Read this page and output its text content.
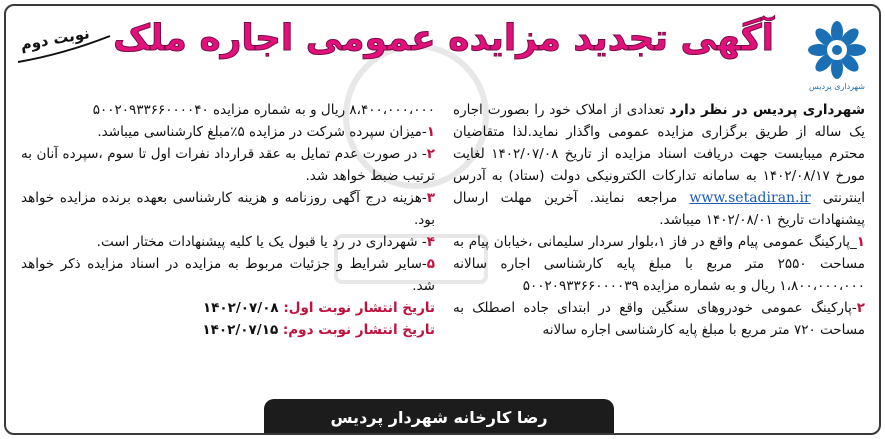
شهرداری پردیس
آگهی تجدید مزایده عمومی اجاره ملک
نوبت دوم
شهرداری پردیس در نظر دارد تعدادی از املاک خود را بصورت اجاره یک ساله از طریق برگزاری مزایده عمومی واگذار نماید.لذا متقاضیان محترم میبایست جهت دریافت اسناد مزایده از تاریخ ۱۴۰۲/۰۷/۰۸ لغایت مورخ ۱۴۰۲/۰۸/۱۷ به سامانه تدارکات الکترونیکی دولت (ستاد) به آدرس اینترنتی www.setadiran.ir مراجعه نمایند. آخرین مهلت ارسال پیشنهادات تاریخ ۱۴۰۲/۰۸/۰۱ میباشد.
۱_پارکینگ عمومی پیام واقع در فاز ۱،بلوار سردار سلیمانی ،خیابان پیام به مساحت ۲۵۵۰ متر مربع با مبلغ پایه کارشناسی اجاره سالانه ۱،۸۰۰،۰۰۰،۰۰۰ ریال و به شماره مزایده ۵۰۰۲۰۹۳۳۶۶۰۰۰۰۳۹
۲-پارکینگ عمومی خودروهای سنگین واقع در ابتدای جاده اصطلک به مساحت ۷۲۰ متر مربع با مبلغ پایه کارشناسی اجاره سالانه
۸،۴۰۰،۰۰۰،۰۰۰ ریال و به شماره مزایده ۵۰۰۲۰۹۳۳۶۶۰۰۰۰۴۰
۱-میزان سپرده شرکت در مزایده ۵٪مبلغ کارشناسی میباشد.
۲- در صورت عدم تمایل به عقد قرارداد نفرات اول تا سوم ،سپرده آنان به ترتیب ضبط خواهد شد.
۳-هزینه درج آگهی روزنامه و هزینه کارشناسی بعهده برنده مزایده خواهد بود.
۴- شهرداری در رد یا قبول یک یا کلیه پیشنهادات مختار است.
۵-سایر شرایط و جزئیات مربوط به مزایده در اسناد مزایده ذکر خواهد شد.
تاریخ انتشار نوبت اول: ۱۴۰۲/۰۷/۰۸
تاریخ انتشار نوبت دوم: ۱۴۰۲/۰۷/۱۵
رضا کارخانه شهردار پردیس
